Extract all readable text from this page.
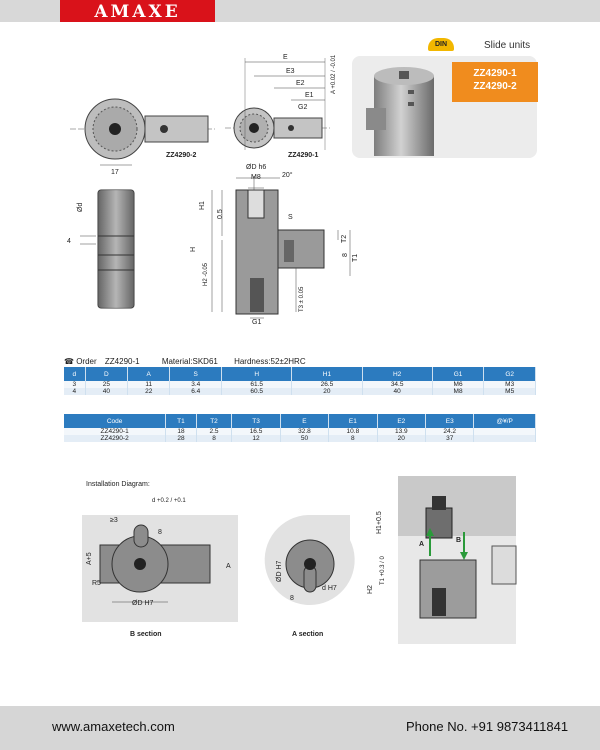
AMAXE
DIN	Slide units
ZZ4290-1
ZZ4290-2
ZZ4290-2	ZZ4290-1
17
E
E3
E2
E1
G2
A +0.02 / -0.01
ØD h6
M8	20°
H1
0.5	S
H
H2 -0.05
T2
T1
8
T3 ± 0.05
G1
Ød
4
☎ Order ZZ4290-1	Material:SKD61 Hardness:52±2HRC
d	D	A	S	H	H1	H2	G1	G2
3	25	11	3.4	61.5	26.5	34.5	M6	M3
4	40	22	6.4	60.5	20	40	M8	M5
Code	T1	T2	T3	E	E1	E2	E3	@¥/P
ZZ4290-1	18	2.5	16.5	32.8	10.8	13.9	24.2	
ZZ4290-2	28	8	12	50	8	20	37	
Installation Diagram:
B section	A section
≥3
d +0.2 / +0.1
8
A+5
A
R5
ØD H7
ØD H7
d H7
8
H1+0.5
T1 +0.3 / 0
H2
A
B
www.amaxetech.com	Phone No. +91 9873411841
